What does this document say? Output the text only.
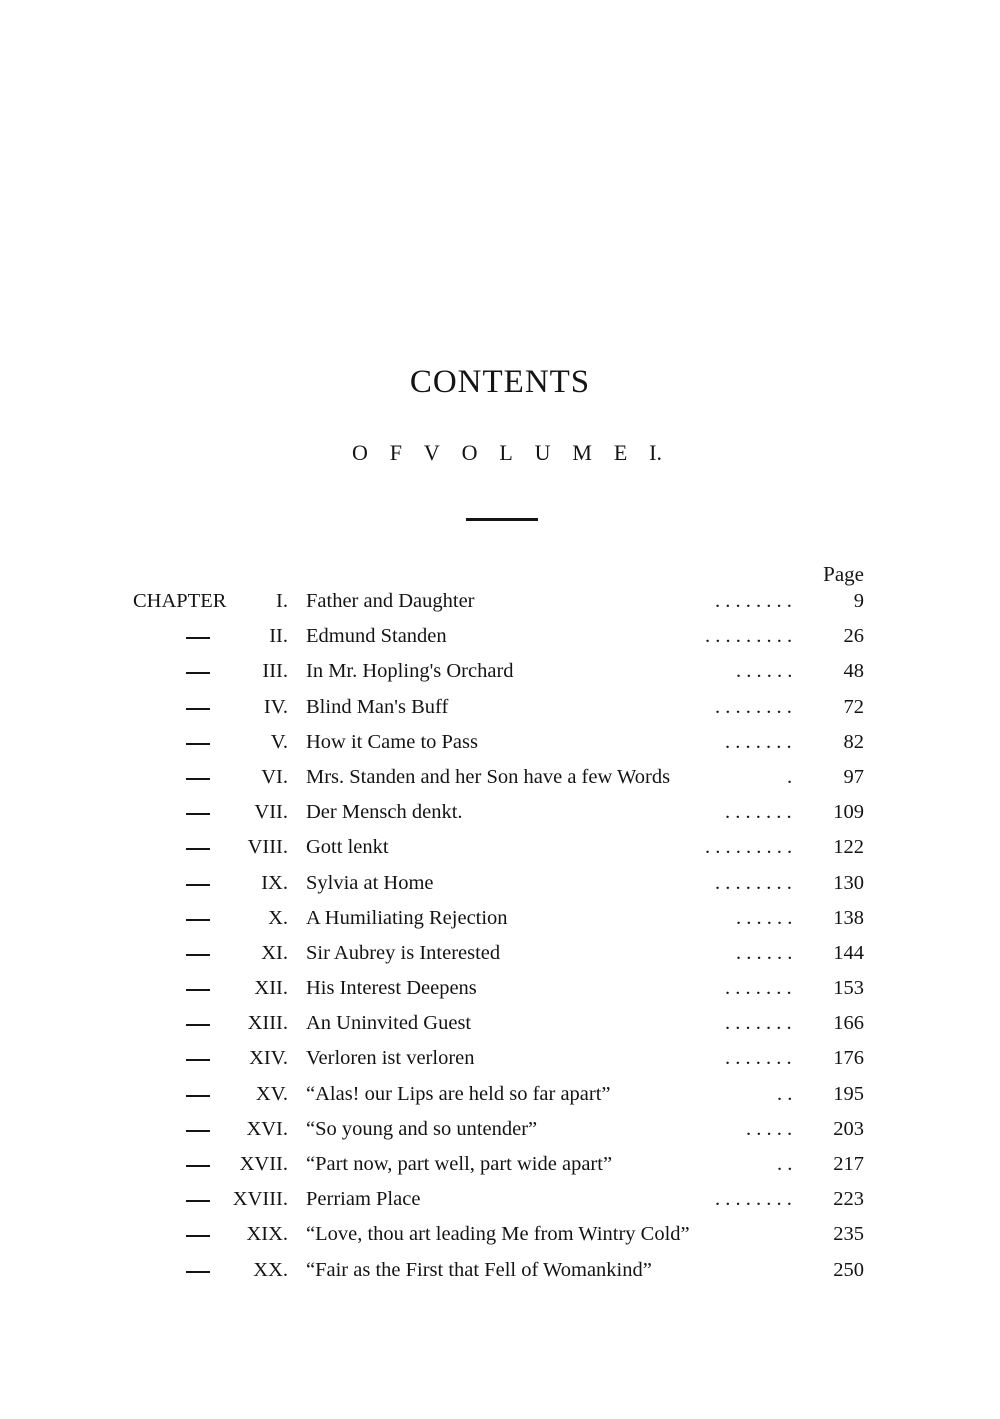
CONTENTS
O F V O L U M E I.
Page
CHAPTER I. Father and Daughter	. . . . . . . .	9
II. Edmund Standen	. . . . . . . . .	26
III. In Mr. Hopling's Orchard	. . . . . .	48
IV. Blind Man's Buff	. . . . . . . .	72
V. How it Came to Pass	. . . . . . .	82
VI. Mrs. Standen and her Son have a few Words	.	97
VII. Der Mensch denkt.	. . . . . . .	109
VIII. Gott lenkt	. . . . . . . . .	122
IX. Sylvia at Home	. . . . . . . .	130
X. A Humiliating Rejection	. . . . . .	138
XI. Sir Aubrey is Interested	. . . . . .	144
XII. His Interest Deepens	. . . . . . .	153
XIII. An Uninvited Guest	. . . . . . .	166
XIV. Verloren ist verloren	. . . . . . .	176
XV. “Alas! our Lips are held so far apart”	. .	195
XVI. “So young and so untender”	. . . . .	203
XVII. “Part now, part well, part wide apart”	. .	217
XVIII. Perriam Place	. . . . . . . .	223
XIX. “Love, thou art leading Me from Wintry Cold”	235
XX. “Fair as the First that Fell of Womankind”	250
